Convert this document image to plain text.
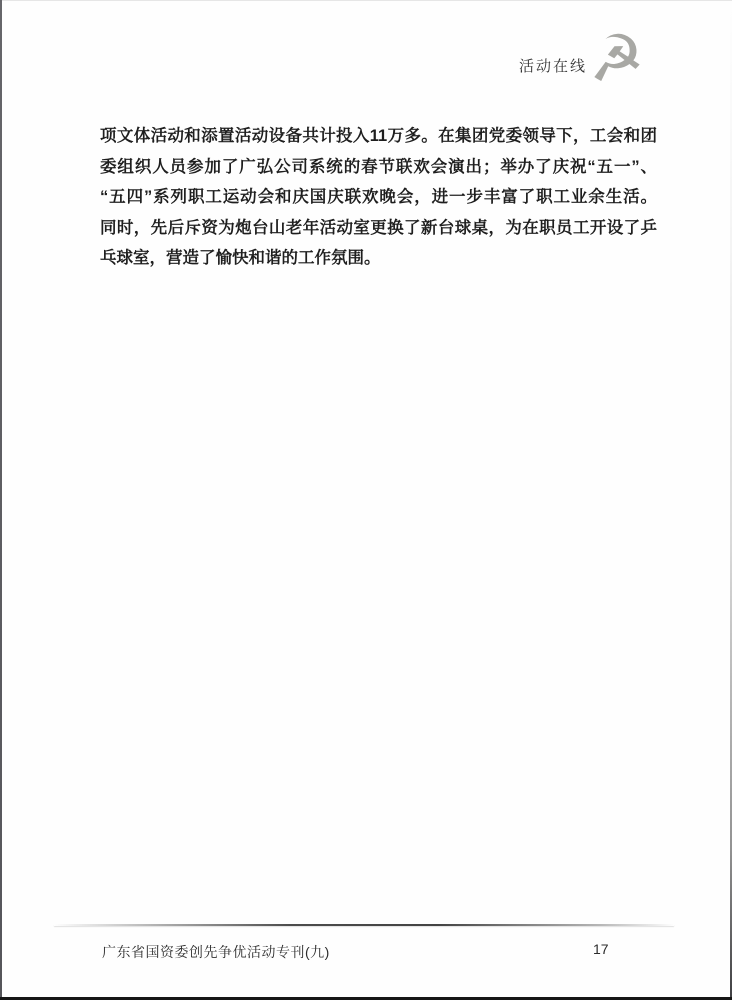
活动在线
☭
项文体活动和添置活动设备共计投入11万多。在集团党委领导下，工会和团
委组织人员参加了广弘公司系统的春节联欢会演出；举办了庆祝“五一”、
“五四”系列职工运动会和庆国庆联欢晚会，进一步丰富了职工业余生活。
同时，先后斥资为炮台山老年活动室更换了新台球桌，为在职员工开设了乒
乓球室，营造了愉快和谐的工作氛围。
广东省国资委创先争优活动专刊(九)	17
